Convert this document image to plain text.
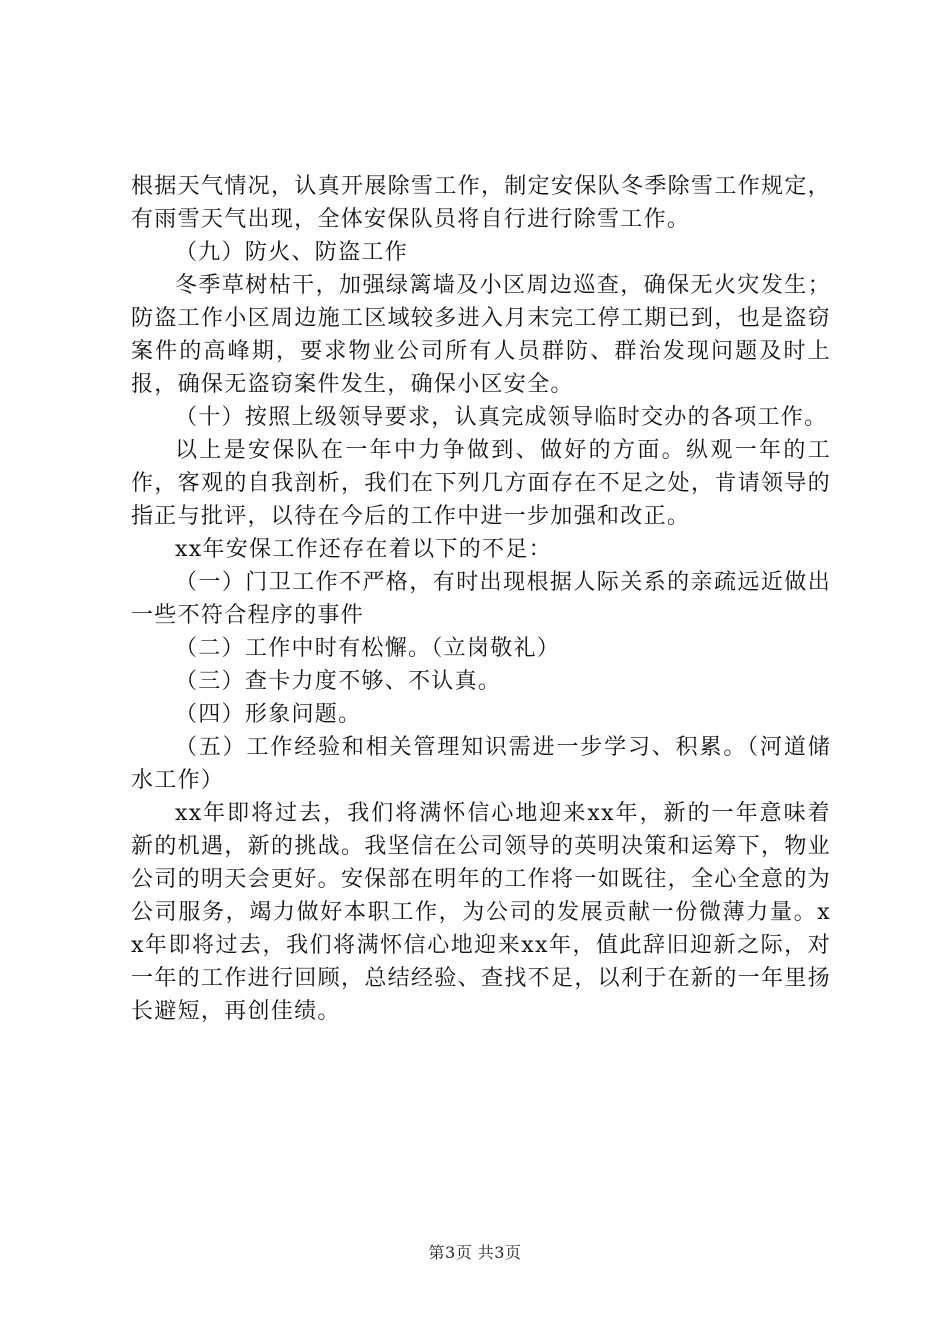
根据天气情况，认真开展除雪工作，制定安保队冬季除雪工作规定，有雨雪天气出现，全体安保队员将自行进行除雪工作。

（九）防火、防盗工作

冬季草树枯干，加强绿篱墙及小区周边巡查，确保无火灾发生；防盗工作小区周边施工区域较多进入月末完工停工期已到，也是盗窃案件的高峰期，要求物业公司所有人员群防、群治发现问题及时上报，确保无盗窃案件发生，确保小区安全。

（十）按照上级领导要求，认真完成领导临时交办的各项工作。

以上是安保队在一年中力争做到、做好的方面。纵观一年的工作，客观的自我剖析，我们在下列几方面存在不足之处，肯请领导的指正与批评，以待在今后的工作中进一步加强和改正。

xx年安保工作还存在着以下的不足：

（一）门卫工作不严格，有时出现根据人际关系的亲疏远近做出一些不符合程序的事件

（二）工作中时有松懈。（立岗敬礼）

（三）查卡力度不够、不认真。

（四）形象问题。

（五）工作经验和相关管理知识需进一步学习、积累。（河道储水工作）

xx年即将过去，我们将满怀信心地迎来xx年，新的一年意味着新的机遇，新的挑战。我坚信在公司领导的英明决策和运筹下，物业公司的明天会更好。安保部在明年的工作将一如既往，全心全意的为公司服务，竭力做好本职工作，为公司的发展贡献一份微薄力量。xx年即将过去，我们将满怀信心地迎来xx年，值此辞旧迎新之际，对一年的工作进行回顾，总结经验、查找不足，以利于在新的一年里扬长避短，再创佳绩。

第3页 共3页
